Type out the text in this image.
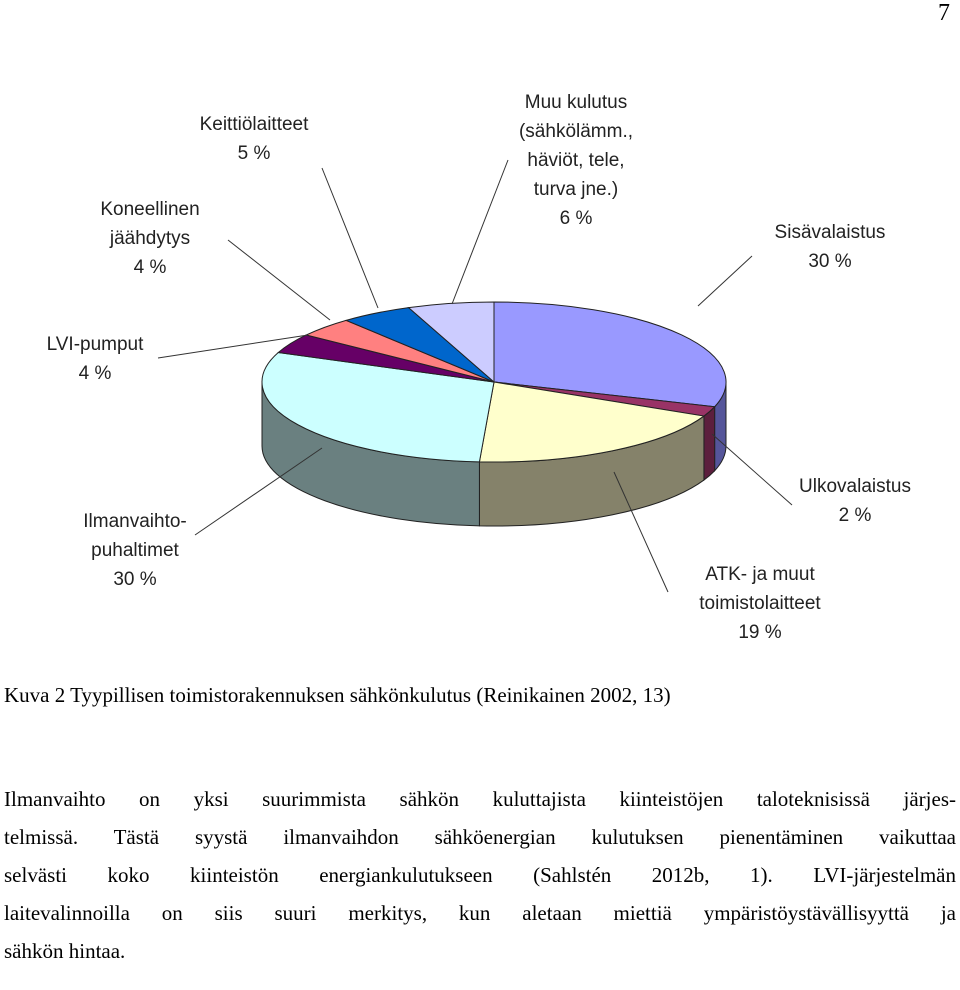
7
Sisävalaistus
30 %
Ulkovalaistus
2 %
ATK- ja muut
toimistolaitteet
19 %
Ilmanvaihto-
puhaltimet
30 %
LVI-pumput
4 %
Koneellinen
jäähdytys
4 %
Keittiölaitteet
5 %
Muu kulutus
(sähkölämm.,
häviöt, tele,
turva jne.)
6 %
Kuva 2 Tyypillisen toimistorakennuksen sähkönkulutus (Reinikainen 2002, 13)
Ilmanvaihto on yksi suurimmista sähkön kuluttajista kiinteistöjen taloteknisissä järjes-
telmissä. Tästä syystä ilmanvaihdon sähköenergian kulutuksen pienentäminen vaikuttaa
selvästi koko kiinteistön energiankulutukseen (Sahlstén 2012b, 1). LVI-järjestelmän
laitevalinnoilla on siis suuri merkitys, kun aletaan miettiä ympäristöystävällisyyttä ja
sähkön hintaa.
